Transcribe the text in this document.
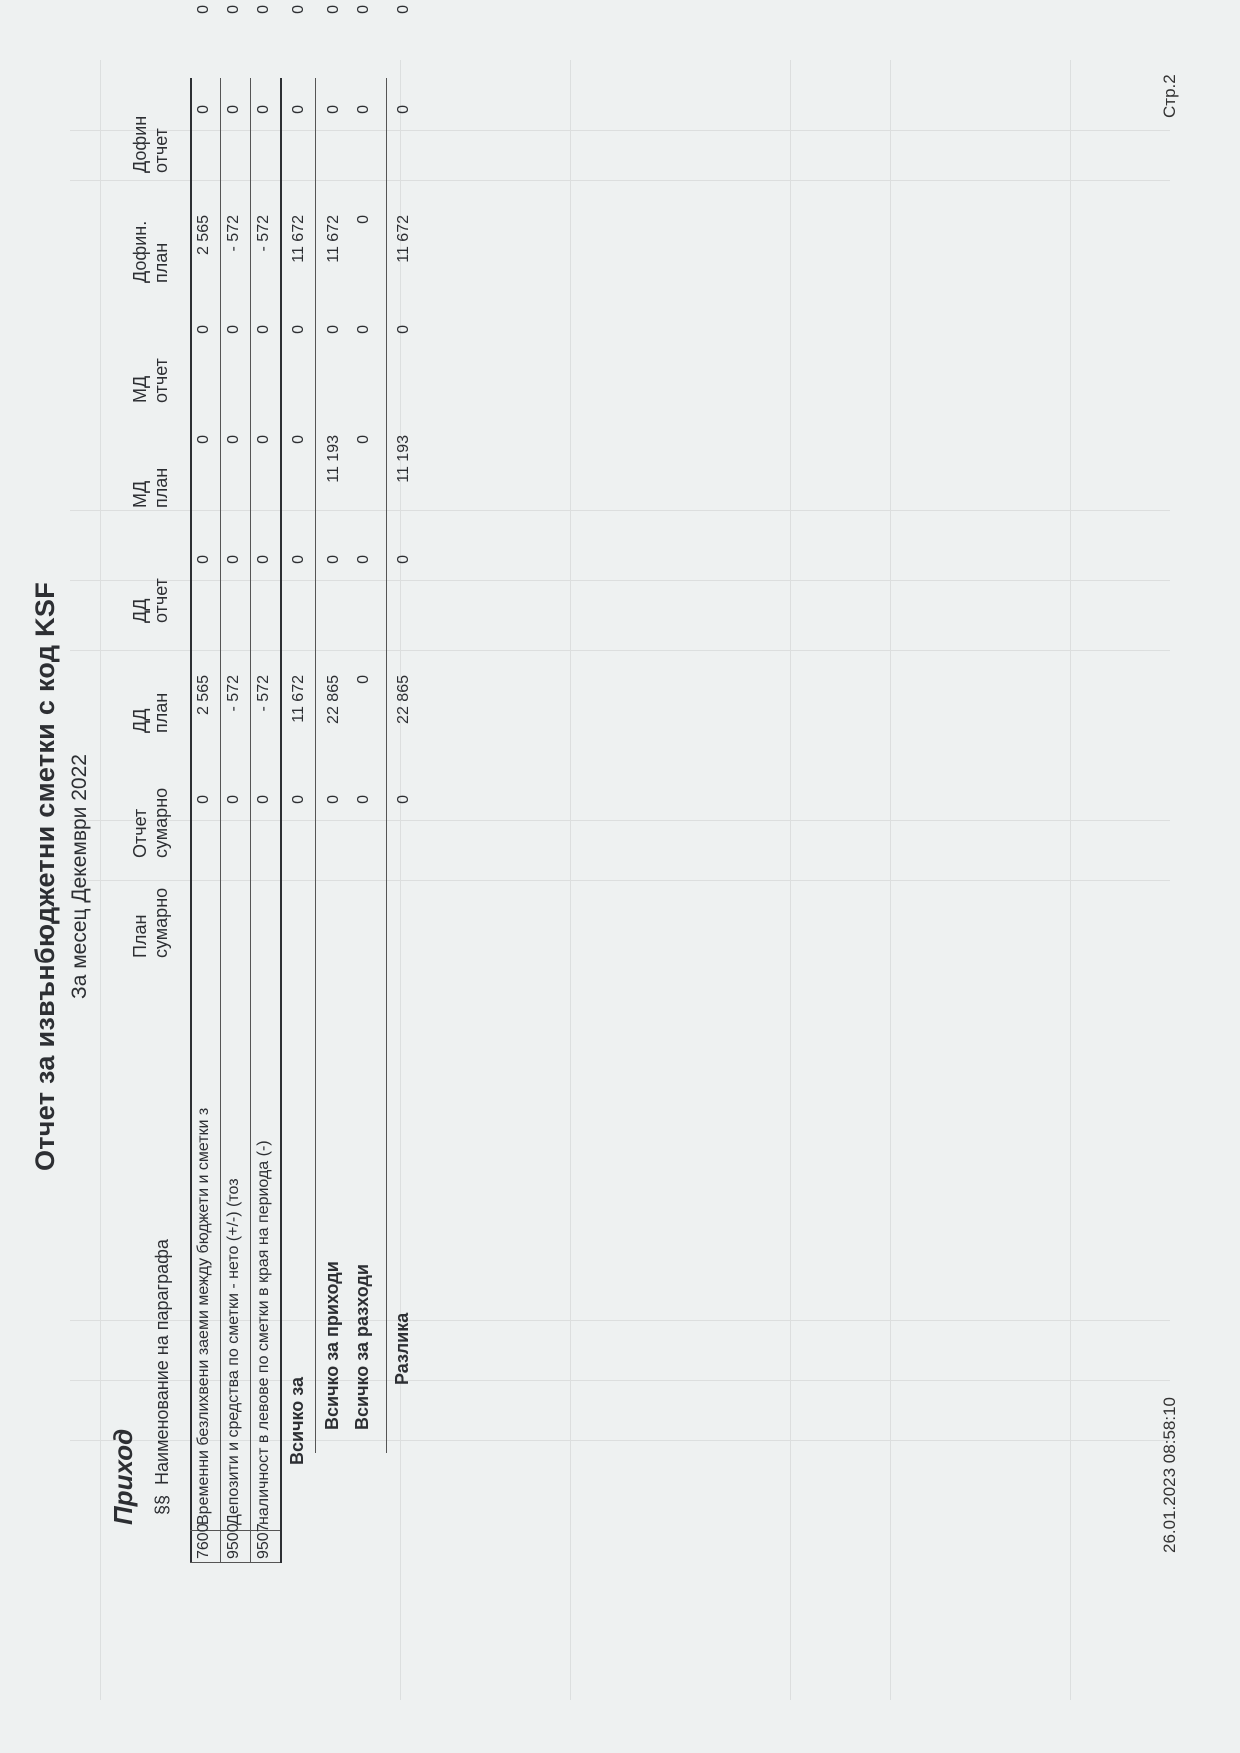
Отчет за извънбюджетни сметки с код KSF За месец Декември 2022
Приход §§
Наименование на параграфа
План сумарно
Отчет сумарно
ДД план
ДД отчет
МД план
МД отчет
Дофин. план
Дофин отчет
7600
Временни безлихвени заеми между бюджети и сметки з
0
2 565
0
0
0
2 565
0
0
9500
Депозити и средства по сметки - нето (+/-) (тоз
0
- 572
0
0
0
- 572
0
0
9507
наличност в левове по сметки в края на периода (-)
0
- 572
0
0
0
- 572
0
0
Всичко за
0
11 672
0
0
0
11 672
0
0
Всичко за приходи
0
22 865
0
11 193
0
11 672
0
0
Всичко за разходи
0
0
0
0
0
0
0
0
Разлика
0
22 865
0
11 193
0
11 672
0
0
26.01.2023 08:58:10
Стр.2
